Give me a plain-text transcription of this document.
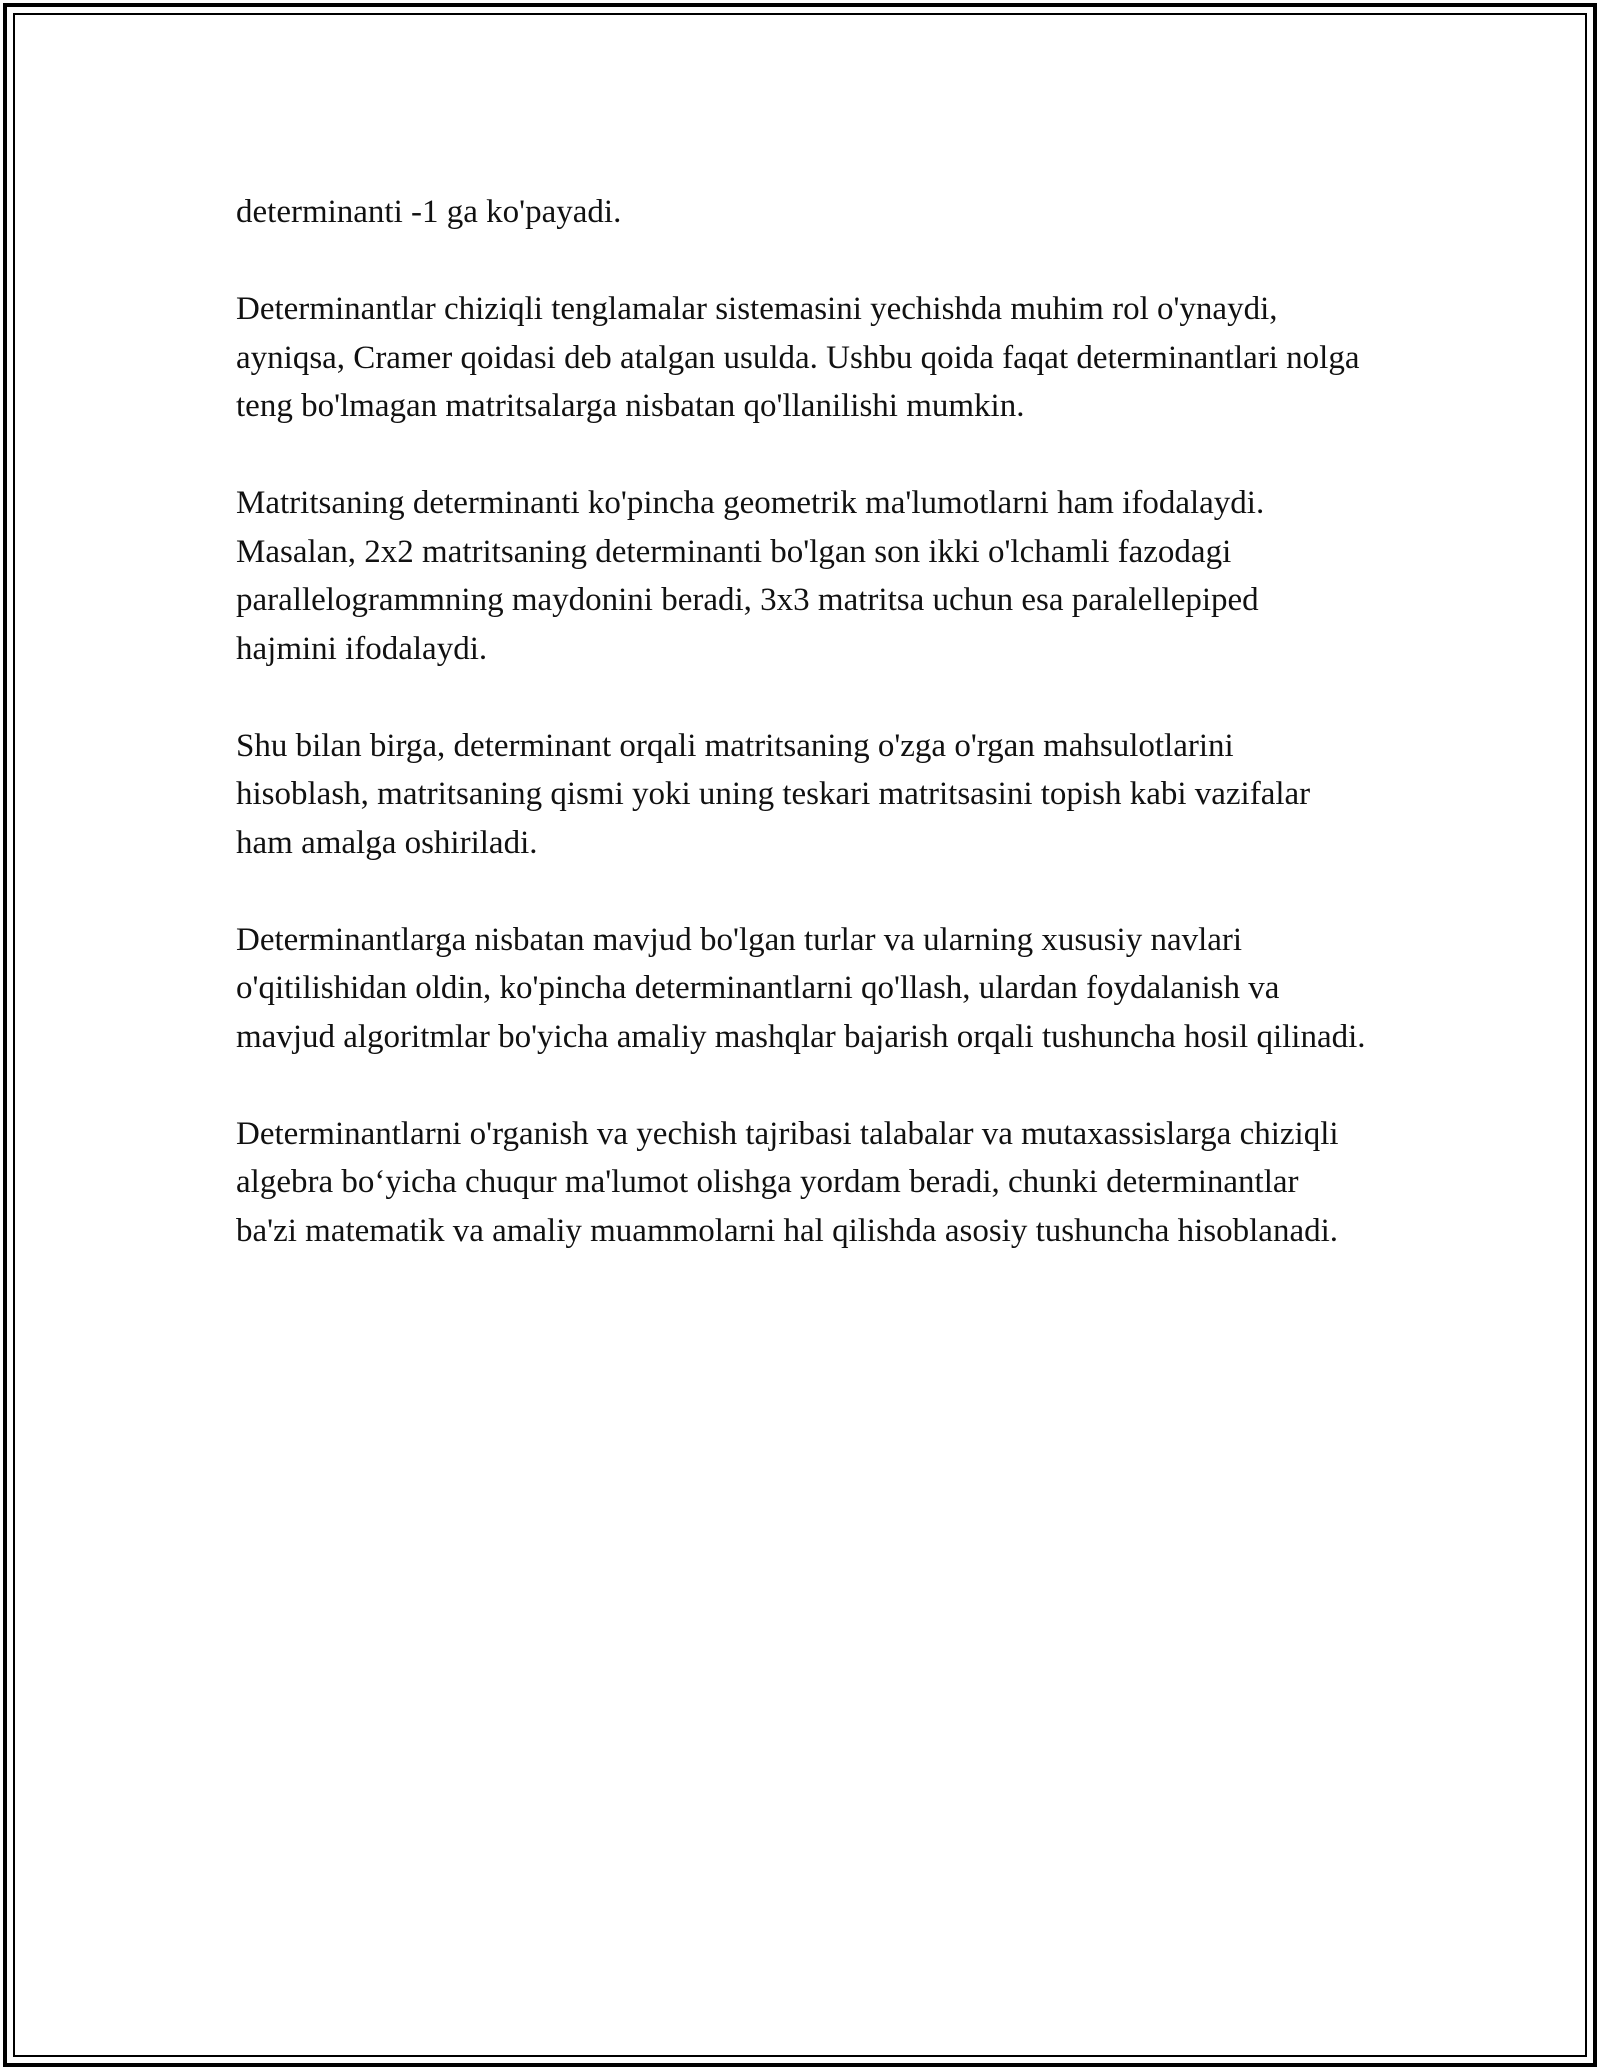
determinanti -1 ga ko'payadi.

Determinantlar chiziqli tenglamalar sistemasini yechishda muhim rol o'ynaydi, ayniqsa, Cramer qoidasi deb atalgan usulda. Ushbu qoida faqat determinantlari nolga teng bo'lmagan matritsalarga nisbatan qo'llanilishi mumkin.

Matritsaning determinanti ko'pincha geometrik ma'lumotlarni ham ifodalaydi. Masalan, 2x2 matritsaning determinanti bo'lgan son ikki o'lchamli fazodagi parallelogrammning maydonini beradi, 3x3 matritsa uchun esa paralellepiped hajmini ifodalaydi.

Shu bilan birga, determinant orqali matritsaning o'zga o'rgan mahsulotlarini hisoblash, matritsaning qismi yoki uning teskari matritsasini topish kabi vazifalar ham amalga oshiriladi.

Determinantlarga nisbatan mavjud bo'lgan turlar va ularning xususiy navlari o'qitilishidan oldin, ko'pincha determinantlarni qo'llash, ulardan foydalanish va mavjud algoritmlar bo'yicha amaliy mashqlar bajarish orqali tushuncha hosil qilinadi.

Determinantlarni o'rganish va yechish tajribasi talabalar va mutaxassislarga chiziqli algebra bo‘yicha chuqur ma'lumot olishga yordam beradi, chunki determinantlar ba'zi matematik va amaliy muammolarni hal qilishda asosiy tushuncha hisoblanadi.
